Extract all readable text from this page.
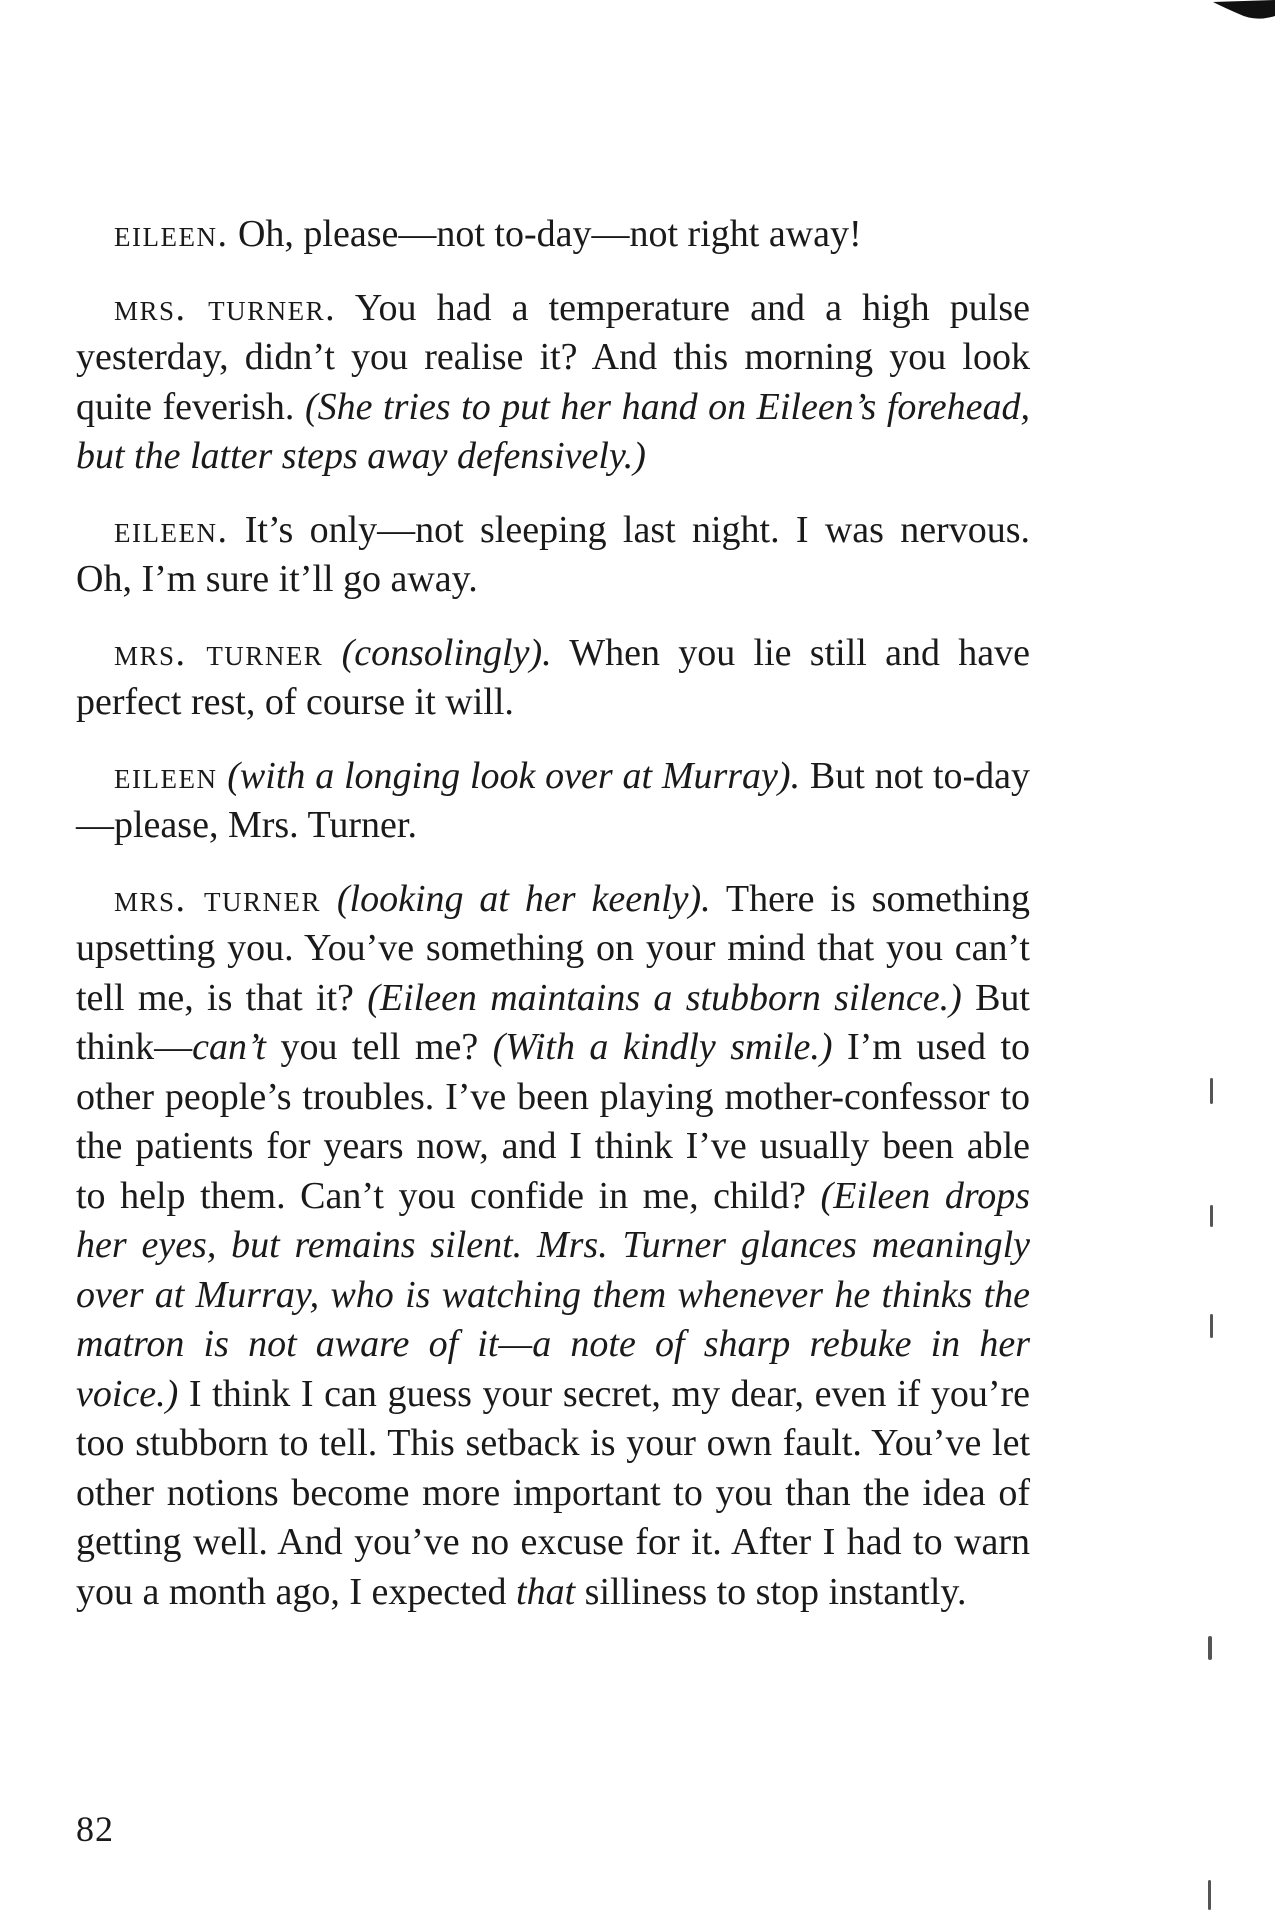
eileen. Oh, please—not to-day—not right away!

mrs. turner. You had a temperature and a high pulse yesterday, didn’t you realise it? And this morning you look quite feverish. (She tries to put her hand on Eileen’s forehead, but the latter steps away defensively.)

eileen. It’s only—not sleeping last night. I was nervous. Oh, I’m sure it’ll go away.

mrs. turner (consolingly). When you lie still and have perfect rest, of course it will.

eileen (with a longing look over at Murray). But not to-day—please, Mrs. Turner.

mrs. turner (looking at her keenly). There is something upsetting you. You’ve something on your mind that you can’t tell me, is that it? (Eileen maintains a stubborn silence.) But think—can’t you tell me? (With a kindly smile.) I’m used to other people’s troubles. I’ve been playing mother-confessor to the patients for years now, and I think I’ve usually been able to help them. Can’t you confide in me, child? (Eileen drops her eyes, but remains silent. Mrs. Turner glances meaningly over at Murray, who is watching them whenever he thinks the matron is not aware of it—a note of sharp rebuke in her voice.) I think I can guess your secret, my dear, even if you’re too stubborn to tell. This setback is your own fault. You’ve let other notions become more important to you than the idea of getting well. And you’ve no excuse for it. After I had to warn you a month ago, I expected that silliness to stop instantly.

82
